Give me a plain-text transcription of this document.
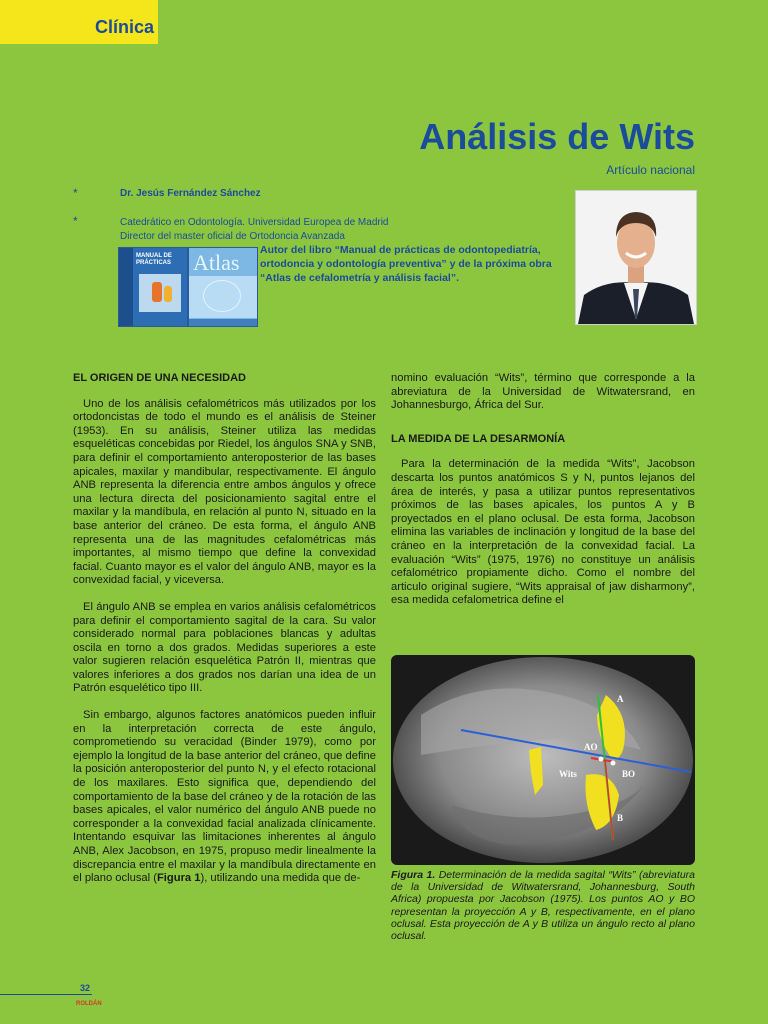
Clínica
Análisis de Wits
Artículo nacional
*	Dr. Jesús Fernández Sánchez
*	Catedrático en Odontología. Universidad Europea de Madrid
Director del master oficial de Ortodoncia Avanzada
MANUAL DE PRÁCTICAS Atlas Autor del libro “Manual de prácticas de odontopediatría, ortodoncia y odontología preventiva” y de la próxima obra “Atlas de cefalometría y análisis facial”.
EL ORIGEN DE UNA NECESIDAD

Uno de los análisis cefalométricos más utilizados por los ortodoncistas de todo el mundo es el análisis de Steiner (1953). En su análisis, Steiner utiliza las medidas esqueléticas concebidas por Riedel, los ángulos SNA y SNB, para definir el comportamiento anteroposterior de las bases apicales, maxilar y mandibular, respectivamente. El ángulo ANB representa la diferencia entre ambos ángulos y ofrece una lectura directa del posicionamiento sagital entre el maxilar y la mandíbula, en relación al punto N, situado en la base anterior del cráneo. De esta forma, el ángulo ANB representa una de las magnitudes cefalométricas más importantes, al mismo tiempo que define la convexidad facial. Cuanto mayor es el valor del ángulo ANB, mayor es la convexidad facial, y viceversa.

El ángulo ANB se emplea en varios análisis cefalométricos para definir el comportamiento sagital de la cara. Su valor considerado normal para poblaciones blancas y adultas oscila en torno a dos grados. Medidas superiores a este valor sugieren relación esquelética Patrón II, mientras que valores inferiores a dos grados nos darían una idea de un Patrón esquelético tipo III.

Sin embargo, algunos factores anatómicos pueden influir en la interpretación correcta de este ángulo, comprometiendo su veracidad (Binder 1979), como por ejemplo la longitud de la base anterior del cráneo, que define la posición anteroposterior del punto N, y el efecto rotacional de los maxilares. Esto significa que, dependiendo del comportamiento de la base del cráneo y de la rotación de las bases apicales, el valor numérico del ángulo ANB puede no corresponder a la convexidad facial analizada clínicamente. Intentando esquivar las limitaciones inherentes al ángulo ANB, Alex Jacobson, en 1975, propuso medir linealmente la discrepancia entre el maxilar y la mandíbula directamente en el plano oclusal (Figura 1), utilizando una medida que de-

nomino evaluación “Wits”, término que corresponde a la abreviatura de la Universidad de Witwatersrand, en Johannesburgo, África del Sur.

LA MEDIDA DE LA DESARMONÍA

Para la determinación de la medida “Wits”, Jacobson descarta los puntos anatómicos S y N, puntos lejanos del área de interés, y pasa a utilizar puntos representativos próximos de las bases apicales, los puntos A y B proyectados en el plano oclusal. De esta forma, Jacobson elimina las variables de inclinación y longitud de la base del cráneo en la interpretación de la convexidad facial. La evaluación “Wits” (1975, 1976) no constituye un análisis cefalométrico propiamente dicho. Como el nombre del articulo original sugiere, “Wits appraisal of jaw disharmony”, esa medida cefalometrica define el

A
AO
Wits	BO
B
Figura 1. Determinación de la medida sagital “Wits” (abreviatura de la Universidad de Witwatersrand, Johannesburg, South Africa) propuesta por Jacobson (1975). Los puntos AO y BO representan la proyección A y B, respectivamente, en el plano oclusal. Esta proyección de A y B utiliza un ángulo recto al plano oclusal.
32
ROLDÁN
